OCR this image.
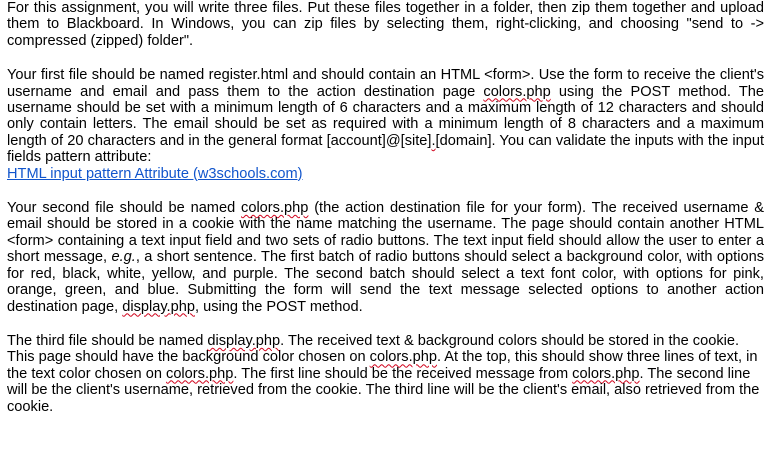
For this assignment, you will write three files. Put these files together in a folder, then zip them together and upload them to Blackboard. In Windows, you can zip files by selecting them, right-clicking, and choosing "send to -> compressed (zipped) folder".

Your first file should be named register.html and should contain an HTML <form>. Use the form to receive the client's username and email and pass them to the action destination page colors.php using the POST method. The username should be set with a minimum length of 6 characters and a maximum length of 12 characters and should only contain letters. The email should be set as required with a minimum length of 8 characters and a maximum length of 20 characters and in the general format [account]@[site].[domain]. You can validate the inputs with the input fields pattern attribute:
HTML input pattern Attribute (w3schools.com)

Your second file should be named colors.php (the action destination file for your form). The received username & email should be stored in a cookie with the name matching the username. The page should contain another HTML <form> containing a text input field and two sets of radio buttons. The text input field should allow the user to enter a short message, e.g., a short sentence. The first batch of radio buttons should select a background color, with options for red, black, white, yellow, and purple. The second batch should select a text font color, with options for pink, orange, green, and blue. Submitting the form will send the text message selected options to another action destination page, display.php, using the POST method.

The third file should be named display.php. The received text & background colors should be stored in the cookie. This page should have the background color chosen on colors.php. At the top, this should show three lines of text, in the text color chosen on colors.php. The first line should be the received message from colors.php. The second line will be the client's username, retrieved from the cookie. The third line will be the client's email, also retrieved from the cookie.
